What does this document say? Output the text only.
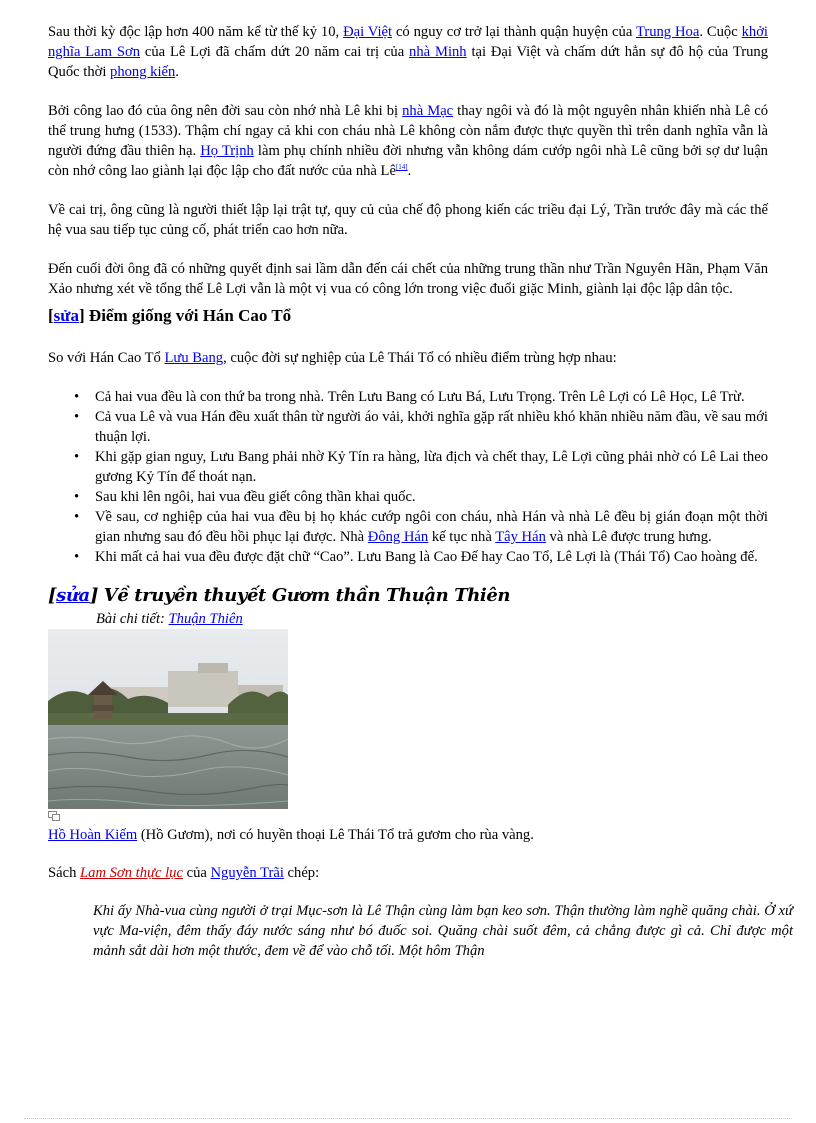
Sau thời kỳ độc lập hơn 400 năm kể từ thế kỷ 10, Đại Việt có nguy cơ trở lại thành quận huyện của Trung Hoa. Cuộc khởi nghĩa Lam Sơn của Lê Lợi đã chấm dứt 20 năm cai trị của nhà Minh tại Đại Việt và chấm dứt hẳn sự đô hộ của Trung Quốc thời phong kiến.

Bởi công lao đó của ông nên đời sau còn nhớ nhà Lê khi bị nhà Mạc thay ngôi và đó là một nguyên nhân khiến nhà Lê có thể trung hưng (1533). Thậm chí ngay cả khi con cháu nhà Lê không còn nắm được thực quyền thì trên danh nghĩa vẫn là người đứng đầu thiên hạ. Họ Trịnh làm phụ chính nhiều đời nhưng vẫn không dám cướp ngôi nhà Lê cũng bởi sợ dư luận còn nhớ công lao giành lại độc lập cho đất nước của nhà Lê[14].

Về cai trị, ông cũng là người thiết lập lại trật tự, quy củ của chế độ phong kiến các triều đại Lý, Trần trước đây mà các thế hệ vua sau tiếp tục củng cố, phát triển cao hơn nữa.

Đến cuối đời ông đã có những quyết định sai lầm dẫn đến cái chết của những trung thần như Trần Nguyên Hãn, Phạm Văn Xảo nhưng xét về tổng thể Lê Lợi vẫn là một vị vua có công lớn trong việc đuổi giặc Minh, giành lại độc lập dân tộc.

[sửa] Điểm giống với Hán Cao Tổ

So với Hán Cao Tổ Lưu Bang, cuộc đời sự nghiệp của Lê Thái Tổ có nhiều điểm trùng hợp nhau:

• Cả hai vua đều là con thứ ba trong nhà. Trên Lưu Bang có Lưu Bá, Lưu Trọng. Trên Lê Lợi có Lê Học, Lê Trừ.
• Cả vua Lê và vua Hán đều xuất thân từ người áo vải, khởi nghĩa gặp rất nhiều khó khăn nhiều năm đầu, về sau mới thuận lợi.
• Khi gặp gian nguy, Lưu Bang phải nhờ Kỷ Tín ra hàng, lừa địch và chết thay, Lê Lợi cũng phải nhờ có Lê Lai theo gương Kỷ Tín để thoát nạn.
• Sau khi lên ngôi, hai vua đều giết công thần khai quốc.
• Về sau, cơ nghiệp của hai vua đều bị họ khác cướp ngôi con cháu, nhà Hán và nhà Lê đều bị gián đoạn một thời gian nhưng sau đó đều hồi phục lại được. Nhà Đông Hán kế tục nhà Tây Hán và nhà Lê được trung hưng.
• Khi mất cả hai vua đều được đặt chữ “Cao”. Lưu Bang là Cao Đế hay Cao Tổ, Lê Lợi là (Thái Tổ) Cao hoàng đế.
[sửa] Về truyền thuyết Gươm thần Thuận Thiên

Bài chi tiết: Thuận Thiên

Hồ Hoàn Kiếm (Hồ Gươm), nơi có huyền thoại Lê Thái Tổ trả gươm cho rùa vàng.

Sách Lam Sơn thực lục của Nguyễn Trãi chép:

Khi ấy Nhà-vua cùng người ở trại Mục-sơn là Lê Thận cùng làm bạn keo sơn. Thận thường làm nghề quăng chài. Ở xứ vực Ma-viện, đêm thấy đáy nước sáng như bó đuốc soi. Quăng chài suốt đêm, cả chẳng được gì cả. Chỉ được một mảnh sắt dài hơn một thước, đem về để vào chỗ tối. Một hôm Thận
